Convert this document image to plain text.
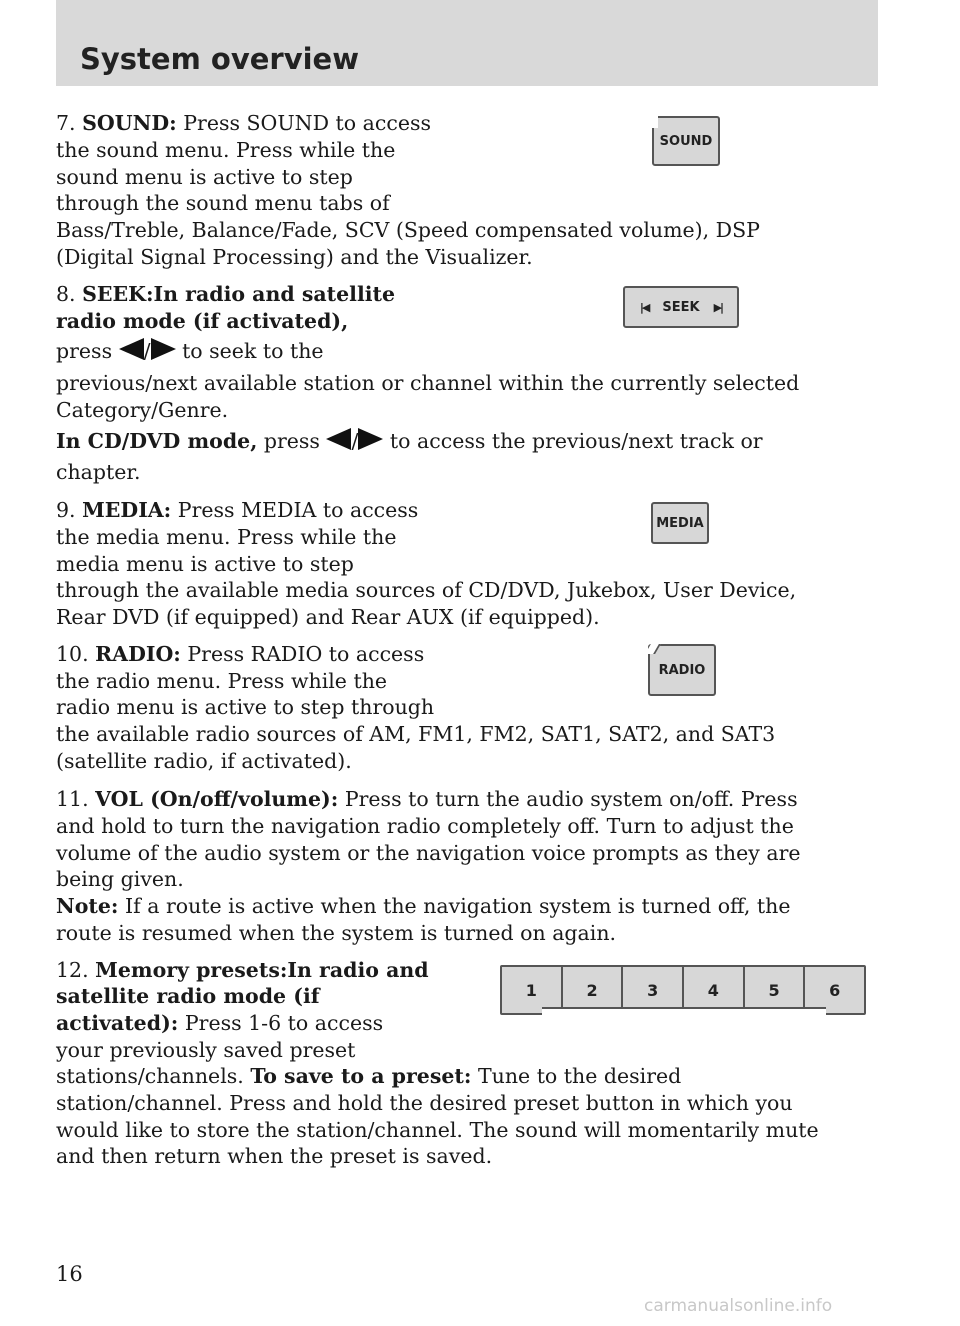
System overview

7. SOUND: Press SOUND to access

the sound menu. Press while the

sound menu is active to step

through the sound menu tabs of

Bass/Treble, Balance/Fade, SCV (Speed compensated volume), DSP

(Digital Signal Processing) and the Visualizer.

SOUND

8. SEEK:In radio and satellite

radio mode (if activated),

press / to seek to the

previous/next available station or channel within the currently selected

Category/Genre.

In CD/DVD mode, press / to access the previous/next track or

chapter.

|◀ SEEK ▶|

9. MEDIA: Press MEDIA to access

the media menu. Press while the

media menu is active to step

through the available media sources of CD/DVD, Jukebox, User Device,

Rear DVD (if equipped) and Rear AUX (if equipped).

MEDIA

10. RADIO: Press RADIO to access

the radio menu. Press while the

radio menu is active to step through

the available radio sources of AM, FM1, FM2, SAT1, SAT2, and SAT3

(satellite radio, if activated).

RADIO

11. VOL (On/off/volume): Press to turn the audio system on/off. Press

and hold to turn the navigation radio completely off. Turn to adjust the

volume of the audio system or the navigation voice prompts as they are

being given.

Note: If a route is active when the navigation system is turned off, the

route is resumed when the system is turned on again.

12. Memory presets:In radio and

satellite radio mode (if

activated): Press 1-6 to access

your previously saved preset

stations/channels. To save to a preset: Tune to the desired

station/channel. Press and hold the desired preset button in which you

would like to store the station/channel. The sound will momentarily mute

and then return when the preset is saved.

1	2	3	4	5	6

16

carmanualsonline.info
